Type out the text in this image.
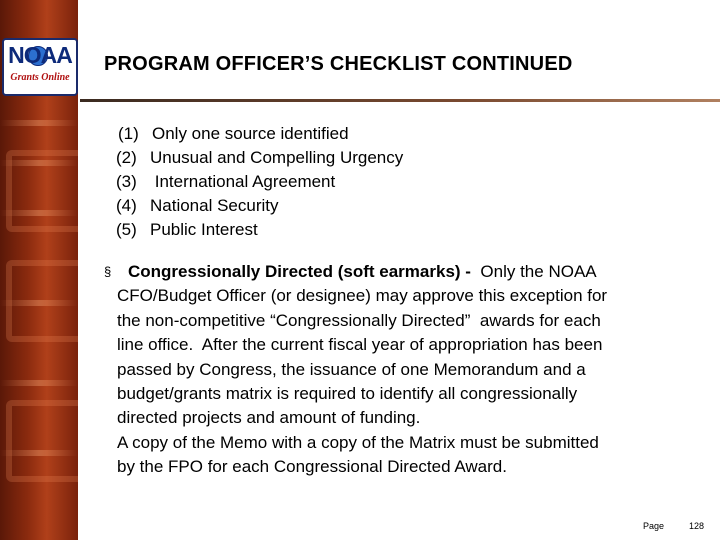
NOAA
Grants Online
PROGRAM OFFICER’S CHECKLIST CONTINUED
(1) Only one source identified
(2) Unusual and Compelling Urgency
(3) International Agreement
(4) National Security
(5) Public Interest
§ Congressionally Directed (soft earmarks) -  Only the NOAA
CFO/Budget Officer (or designee) may approve this exception for
the non-competitive “Congressionally Directed”  awards for each
line office.  After the current fiscal year of appropriation has been
passed by Congress, the issuance of one Memorandum and a
budget/grants matrix is required to identify all congressionally
directed projects and amount of funding.
A copy of the Memo with a copy of the Matrix must be submitted
by the FPO for each Congressional Directed Award.
Page	128
